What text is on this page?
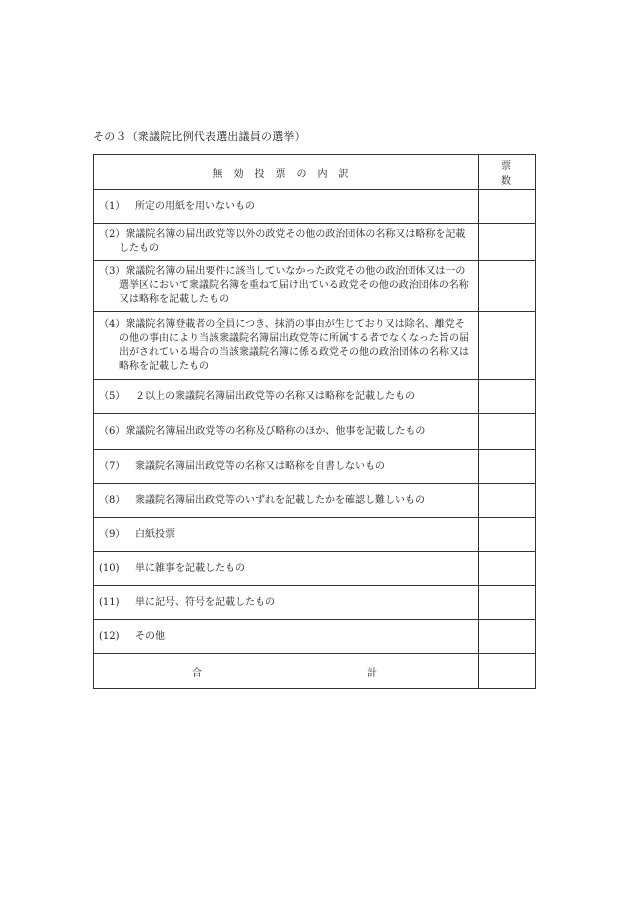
その３（衆議院比例代表選出議員の選挙）
無効投票の内訳	票数

（1） 所定の用紙を用いないもの	

（2）衆議院名簿の届出政党等以外の政党その他の政治団体の名称又は略称を記載したもの	

（3）衆議院名簿の届出要件に該当していなかった政党その他の政治団体又は一の選挙区において衆議院名簿を重ねて届け出ている政党その他の政治団体の名称又は略称を記載したもの	

（4）衆議院名簿登載者の全員につき、抹消の事由が生じており又は除名、離党その他の事由により当該衆議院名簿届出政党等に所属する者でなくなった旨の届出がされている場合の当該衆議院名簿に係る政党その他の政治団体の名称又は略称を記載したもの	

（5） ２以上の衆議院名簿届出政党等の名称又は略称を記載したもの	

（6）衆議院名簿届出政党等の名称及び略称のほか、他事を記載したもの	

（7） 衆議院名簿届出政党等の名称又は略称を自書しないもの	

（8） 衆議院名簿届出政党等のいずれを記載したかを確認し難しいもの	

（9） 白紙投票	

(10) 単に雑事を記載したもの	

(11) 単に記号、符号を記載したもの	

(12) その他	

合 計	
